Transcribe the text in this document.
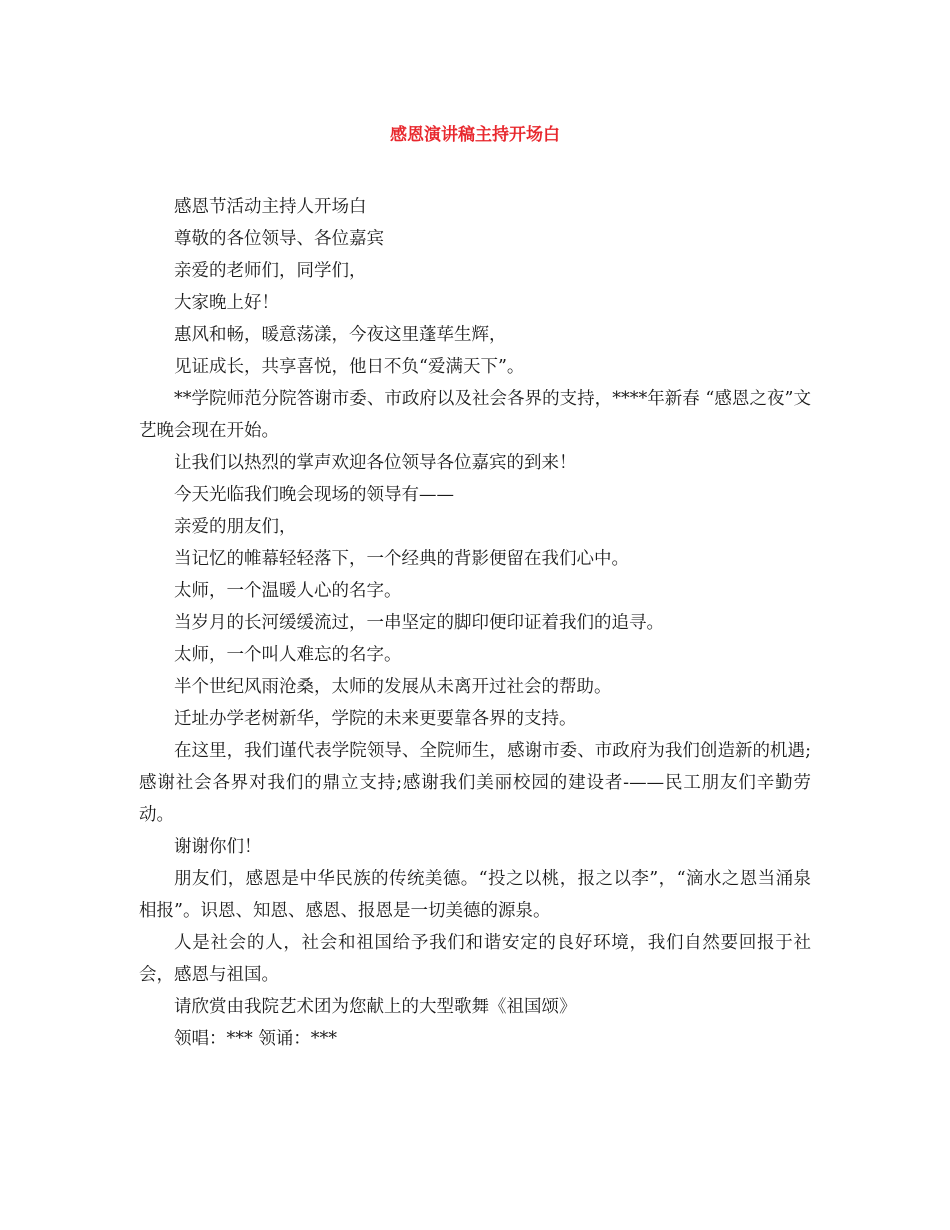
感恩演讲稿主持开场白

感恩节活动主持人开场白

尊敬的各位领导、各位嘉宾

亲爱的老师们，同学们，

大家晚上好！

惠风和畅，暖意荡漾，今夜这里蓬荜生辉，

见证成长，共享喜悦，他日不负“爱满天下”。

**学院师范分院答谢市委、市政府以及社会各界的支持，****年新春 “感恩之夜”文艺晚会现在开始。

让我们以热烈的掌声欢迎各位领导各位嘉宾的到来！

今天光临我们晚会现场的领导有——

亲爱的朋友们，

当记忆的帷幕轻轻落下，一个经典的背影便留在我们心中。

太师，一个温暖人心的名字。

当岁月的长河缓缓流过，一串坚定的脚印便印证着我们的追寻。

太师，一个叫人难忘的名字。

半个世纪风雨沧桑，太师的发展从未离开过社会的帮助。

迁址办学老树新华，学院的未来更要靠各界的支持。

在这里，我们谨代表学院领导、全院师生，感谢市委、市政府为我们创造新的机遇;感谢社会各界对我们的鼎立支持;感谢我们美丽校园的建设者-——民工朋友们辛勤劳动。

谢谢你们！

朋友们，感恩是中华民族的传统美德。“投之以桃，报之以李”，“滴水之恩当涌泉相报”。识恩、知恩、感恩、报恩是一切美德的源泉。

人是社会的人，社会和祖国给予我们和谐安定的良好环境，我们自然要回报于社会，感恩与祖国。

请欣赏由我院艺术团为您献上的大型歌舞《祖国颂》

领唱：*** 领诵：***
